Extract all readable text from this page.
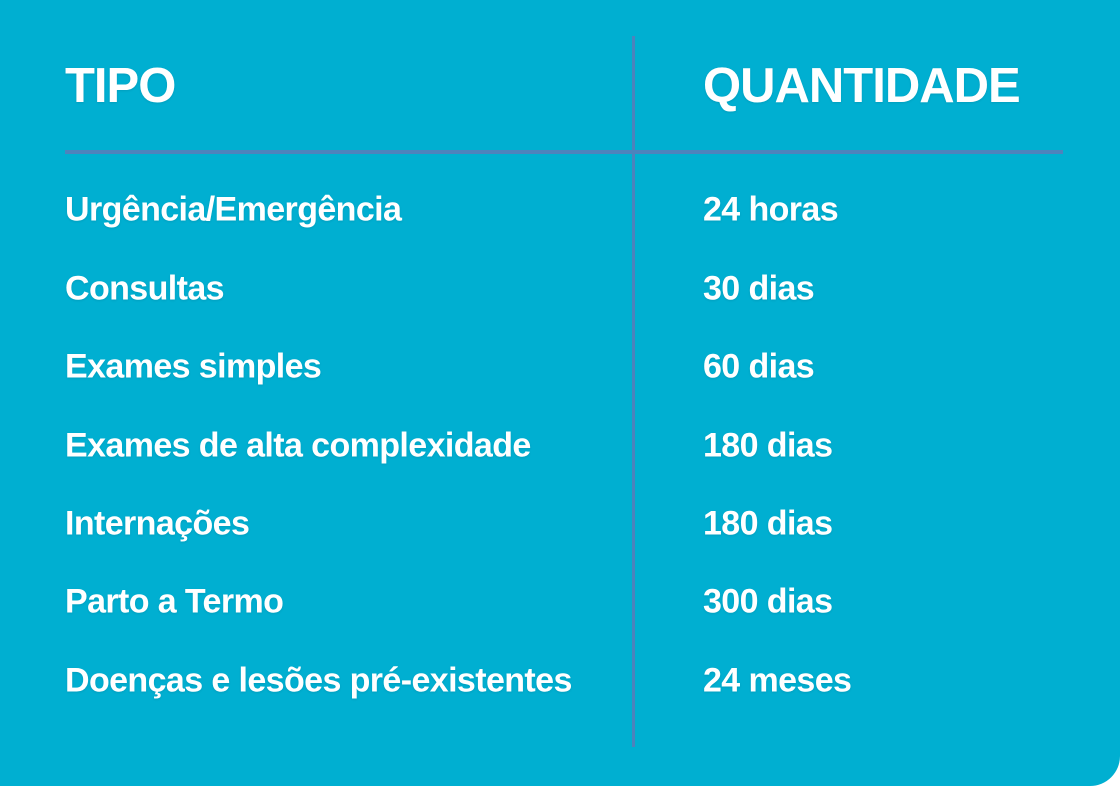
TIPO	QUANTIDADE
Urgência/Emergência	24 horas
Consultas	30 dias
Exames simples	60 dias
Exames de alta complexidade	180 dias
Internações	180 dias
Parto a Termo	300 dias
Doenças e lesões pré-existentes	24 meses
